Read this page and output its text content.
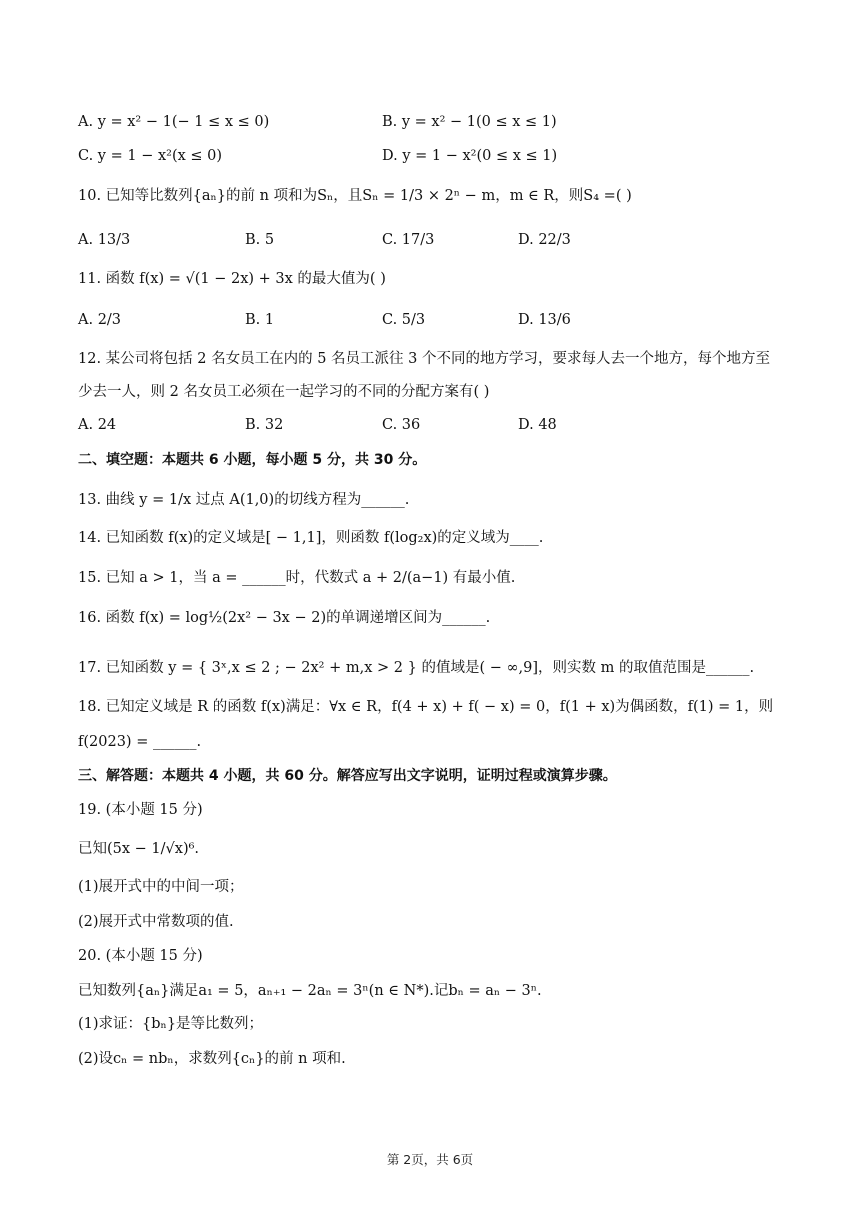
A. y = x² − 1(− 1 ≤ x ≤ 0)	B. y = x² − 1(0 ≤ x ≤ 1)
C. y = 1 − x²(x ≤ 0)	D. y = 1 − x²(0 ≤ x ≤ 1)
10. 已知等比数列{aₙ}的前 n 项和为Sₙ，且Sₙ = 1/3 × 2ⁿ − m，m ∈ R，则S₄ =( )
A. 13/3	B. 5	C. 17/3	D. 22/3
11. 函数 f(x) = √(1 − 2x) + 3x 的最大值为( )
A. 2/3	B. 1	C. 5/3	D. 13/6
12. 某公司将包括 2 名女员工在内的 5 名员工派往 3 个不同的地方学习，要求每人去一个地方，每个地方至
少去一人，则 2 名女员工必须在一起学习的不同的分配方案有( )
A. 24	B. 32	C. 36	D. 48
二、填空题：本题共 6 小题，每小题 5 分，共 30 分。
13. 曲线 y = 1/x 过点 A(1,0)的切线方程为______.
14. 已知函数 f(x)的定义域是[ − 1,1]，则函数 f(log₂x)的定义域为____.
15. 已知 a > 1，当 a = ______时，代数式 a + 2/(a−1) 有最小值.
16. 函数 f(x) = log½(2x² − 3x − 2)的单调递增区间为______.
17. 已知函数 y = { 3ˣ,x ≤ 2 ; − 2x² + m,x > 2 } 的值域是( − ∞,9]，则实数 m 的取值范围是______.
18. 已知定义域是 R 的函数 f(x)满足：∀x ∈ R，f(4 + x) + f( − x) = 0，f(1 + x)为偶函数，f(1) = 1，则
f(2023) = ______.
三、解答题：本题共 4 小题，共 60 分。解答应写出文字说明，证明过程或演算步骤。
19. (本小题 15 分)
已知(5x − 1/√x)⁶.
(1)展开式中的中间一项；
(2)展开式中常数项的值.
20. (本小题 15 分)
已知数列{aₙ}满足a₁ = 5，aₙ₊₁ − 2aₙ = 3ⁿ(n ∈ N*).记bₙ = aₙ − 3ⁿ.
(1)求证：{bₙ}是等比数列；
(2)设cₙ = nbₙ，求数列{cₙ}的前 n 项和.
第 2页，共 6页
